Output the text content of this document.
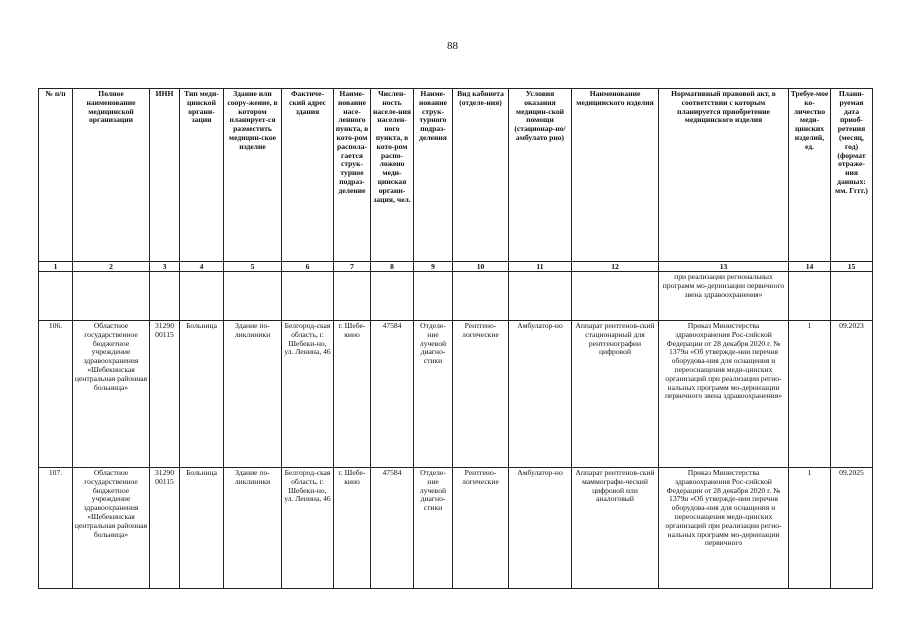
88
№ п/п	Полное наименование медицинской организации	ИНН	Тип меди-цинской органи-зации	Здание или соору-жение, в котором планирует-ся разместить медицин-ское изделие	Фактиче-ский адрес здания	Наиме-нование насе-ленного пункта, в кото-ром распола-гается струк-турное подраз-деление	Числен-ность населе-ния населен-ного пункта, в кото-ром распо-ложено меди-цинская органи-зация, чел.	Наиме-нование струк-турного подраз-деления	Вид кабинета (отделе-ния)	Условия оказания медицин-ской помощи (стационар-но/амбулато рно)	Наименование медицинского изделия	Нормативный правовой акт, в соответствии с которым планируется приобретение медицинского изделия	Требуе-мое ко-личество меди-цинских изделий, ед.	Плани-руемая дата приоб-ретения (месяц, год) (формат отраже-ния данных: мм. Гггг.)
1	2	3	4	5	6	7	8	9	10	11	12	13	14	15
												при реализации региональных программ мо-дернизации первичного звена здравоохранения»		
106.	Областное государственное бюджетное учреждение здравоохранения «Шебекинская центральная районная больница»	31290 00115	Больница	Здание по-ликлиники	Белгород-ская область, г. Шебеки-но, ул. Ленина, 46	г. Шебе-кино	47584	Отделе-ние лучевой диагно-стики	Рентгено-логические	Амбулатор-но	Аппарат рентгенов-ский стационарный для рентгенографии цифровой	Приказ Министерства здравоохранения Рос-сийской Федерации от 28 декабря 2020 г. № 1379н «Об утвержде-нии перечня оборудова-ния для оснащения и переоснащения меди-цинских организаций при реализации регио-нальных программ мо-дернизации первичного звена здравоохранения»	1	09.2023
107.	Областное государственное бюджетное учреждение здравоохранения «Шебекинская центральная районная больница»	31290 00115	Больница	Здание по-ликлиники	Белгород-ская область, г. Шебеки-но, ул. Ленина, 46	г. Шебе-кино	47584	Отделе-ние лучевой диагно-стики	Рентгено-логические	Амбулатор-но	Аппарат рентгенов-ский маммографи-ческий цифровой или аналоговый	Приказ Министерства здравоохранения Рос-сийской Федерации от 28 декабря 2020 г. № 1379н «Об утвержде-нии перечня оборудова-ния для оснащения и переоснащения меди-цинских организаций при реализации регио-нальных программ мо-дернизации первичного	1	09.2025
